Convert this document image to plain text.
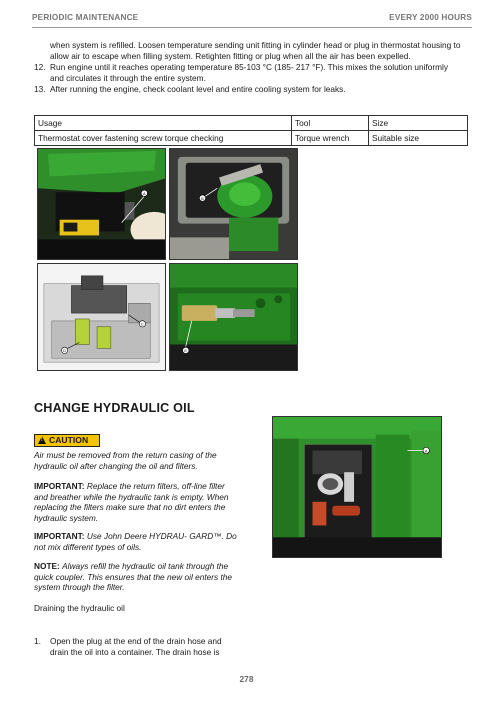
PERIODIC MAINTENANCE	EVERY 2000 HOURS
when system is refilled. Loosen temperature sending unit fitting in cylinder head or plug in thermostat housing to allow air to escape when filling system. Retighten fitting or plug when all the air has been expelled.
12. Run engine until it reaches operating temperature 85-103 °C (185- 217 °F). This mixes the solution uniformly and circulates it through the entire system.
13. After running the engine, check coolant level and entire cooling system for leaks.
Usage	Tool	Size
Thermostat cover fastening screw torque checking	Torque wrench	Suitable size
A
B
C
D	E
CHANGE HYDRAULIC OIL
!CAUTION
Air must be removed from the return casing of the hydraulic oil after changing the oil and filters.
IMPORTANT: Replace the return filters, off-line filter and breather while the hydraulic tank is empty. When replacing the filters make sure that no dirt enters the hydraulic system.
IMPORTANT: Use John Deere HYDRAU- GARD™. Do not mix different types of oils.
NOTE: Always refill the hydraulic oil tank through the quick coupler. This ensures that the new oil enters the system through the filter.
Draining the hydraulic oil
1. Open the plug at the end of the drain hose and drain the oil into a container. The drain hose is
A
278
